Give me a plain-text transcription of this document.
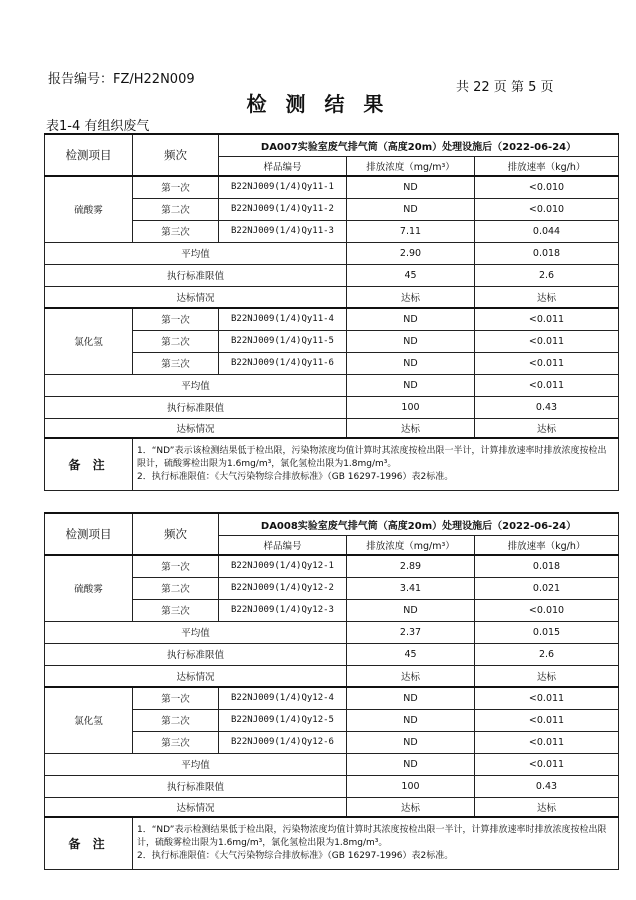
报告编号：FZ/H22N009
共 22 页 第 5 页
检 测 结 果
表1-4 有组织废气
检测项目	频次	DA007实验室废气排气筒（高度20m）处理设施后（2022-06-24）		
		样品编号	排放浓度（mg/m³）	排放速率（kg/h）
硫酸雾	第一次	B22NJ009(1/4)Qy11-1	ND	<0.010
	第二次	B22NJ009(1/4)Qy11-2	ND	<0.010
	第三次	B22NJ009(1/4)Qy11-3	7.11	0.044
平均值			2.90	0.018
执行标准限值			45	2.6
达标情况			达标	达标
氯化氢	第一次	B22NJ009(1/4)Qy11-4	ND	<0.011
	第二次	B22NJ009(1/4)Qy11-5	ND	<0.011
	第三次	B22NJ009(1/4)Qy11-6	ND	<0.011
平均值			ND	<0.011
执行标准限值			100	0.43
达标情况			达标	达标
备 注	1．“ND”表示该检测结果低于检出限，污染物浓度均值计算时其浓度按检出限一半计，计算排放速率时排放浓度按检出限计，硫酸雾检出限为1.6mg/m³，氯化氢检出限为1.8mg/m³。
2．执行标准限值：《大气污染物综合排放标准》（GB 16297-1996）表2标准。			
检测项目	频次	DA008实验室废气排气筒（高度20m）处理设施后（2022-06-24）		
		样品编号	排放浓度（mg/m³）	排放速率（kg/h）
硫酸雾	第一次	B22NJ009(1/4)Qy12-1	2.89	0.018
	第二次	B22NJ009(1/4)Qy12-2	3.41	0.021
	第三次	B22NJ009(1/4)Qy12-3	ND	<0.010
平均值			2.37	0.015
执行标准限值			45	2.6
达标情况			达标	达标
氯化氢	第一次	B22NJ009(1/4)Qy12-4	ND	<0.011
	第二次	B22NJ009(1/4)Qy12-5	ND	<0.011
	第三次	B22NJ009(1/4)Qy12-6	ND	<0.011
平均值			ND	<0.011
执行标准限值			100	0.43
达标情况			达标	达标
备 注	1．“ND”表示检测结果低于检出限，污染物浓度均值计算时其浓度按检出限一半计，计算排放速率时排放浓度按检出限计，硫酸雾检出限为1.6mg/m³，氯化氢检出限为1.8mg/m³。
2．执行标准限值：《大气污染物综合排放标准》（GB 16297-1996）表2标准。			
